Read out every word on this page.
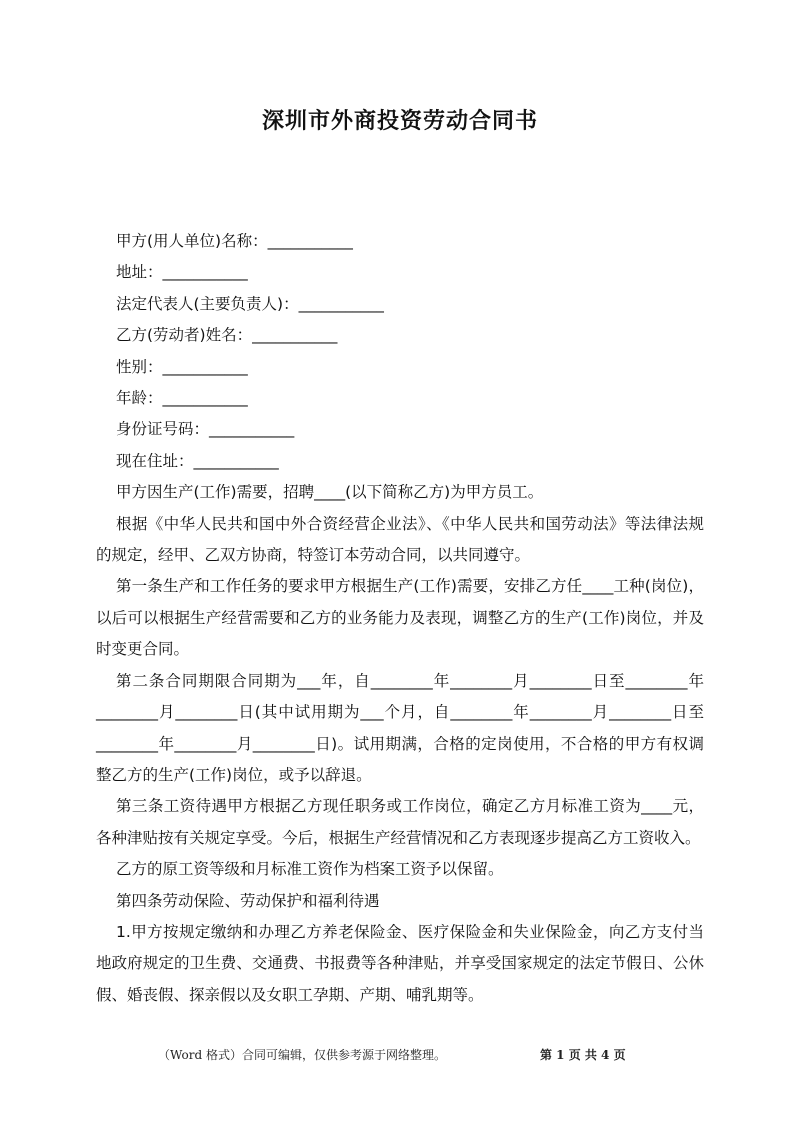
深圳市外商投资劳动合同书
甲方(用人单位)名称：___________
地址：___________
法定代表人(主要负责人)：___________
乙方(劳动者)姓名：___________
性别：___________
年龄：___________
身份证号码：___________
现在住址：___________
甲方因生产(工作)需要，招聘____(以下简称乙方)为甲方员工。
根据《中华人民共和国中外合资经营企业法》、《中华人民共和国劳动法》等法律法规的规定，经甲、乙双方协商，特签订本劳动合同，以共同遵守。
第一条生产和工作任务的要求甲方根据生产(工作)需要，安排乙方任____工种(岗位)，以后可以根据生产经营需要和乙方的业务能力及表现，调整乙方的生产(工作)岗位，并及时变更合同。
第二条合同期限合同期为___年，自________年________月________日至________年________月________日(其中试用期为___个月，自________年________月________日至________年________月________日)。试用期满，合格的定岗使用，不合格的甲方有权调整乙方的生产(工作)岗位，或予以辞退。
第三条工资待遇甲方根据乙方现任职务或工作岗位，确定乙方月标准工资为____元，各种津贴按有关规定享受。今后，根据生产经营情况和乙方表现逐步提高乙方工资收入。
乙方的原工资等级和月标准工资作为档案工资予以保留。
第四条劳动保险、劳动保护和福利待遇
1.甲方按规定缴纳和办理乙方养老保险金、医疗保险金和失业保险金，向乙方支付当地政府规定的卫生费、交通费、书报费等各种津贴，并享受国家规定的法定节假日、公休假、婚丧假、探亲假以及女职工孕期、产期、哺乳期等。
（Word 格式）合同可编辑，仅供参考源于网络整理。	第 1 页 共 4 页
